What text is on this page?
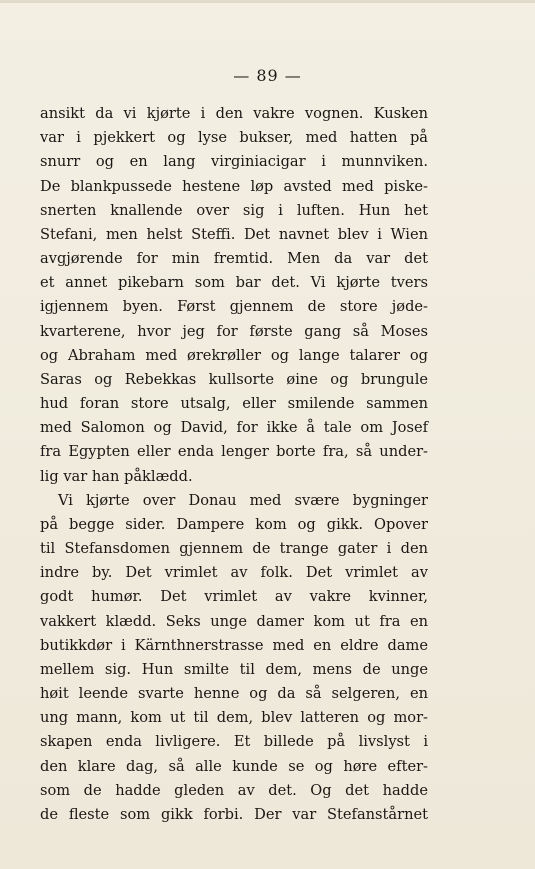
— 89 —
ansikt da vi kjørte i den vakre vognen. Kusken
var i pjekkert og lyse bukser, med hatten på
snurr og en lang virginiacigar i munnviken.
De blankpussede hestene løp avsted med piske-
snerten knallende over sig i luften. Hun het
Stefani, men helst Steffi. Det navnet blev i Wien
avgjørende for min fremtid. Men da var det
et annet pikebarn som bar det. Vi kjørte tvers
igjennem byen. Først gjennem de store jøde-
kvarterene, hvor jeg for første gang så Moses
og Abraham med ørekrøller og lange talarer og
Saras og Rebekkas kullsorte øine og brungule
hud foran store utsalg, eller smilende sammen
med Salomon og David, for ikke å tale om Josef
fra Egypten eller enda lenger borte fra, så under-
lig var han påklædd.
Vi kjørte over Donau med svære bygninger
på begge sider. Dampere kom og gikk. Opover
til Stefansdomen gjennem de trange gater i den
indre by. Det vrimlet av folk. Det vrimlet av
godt humør. Det vrimlet av vakre kvinner,
vakkert klædd. Seks unge damer kom ut fra en
butikkdør i Kärnthnerstrasse med en eldre dame
mellem sig. Hun smilte til dem, mens de unge
høit leende svarte henne og da så selgeren, en
ung mann, kom ut til dem, blev latteren og mor-
skapen enda livligere. Et billede på livslyst i
den klare dag, så alle kunde se og høre efter-
som de hadde gleden av det. Og det hadde
de fleste som gikk forbi. Der var Stefanstårnet
